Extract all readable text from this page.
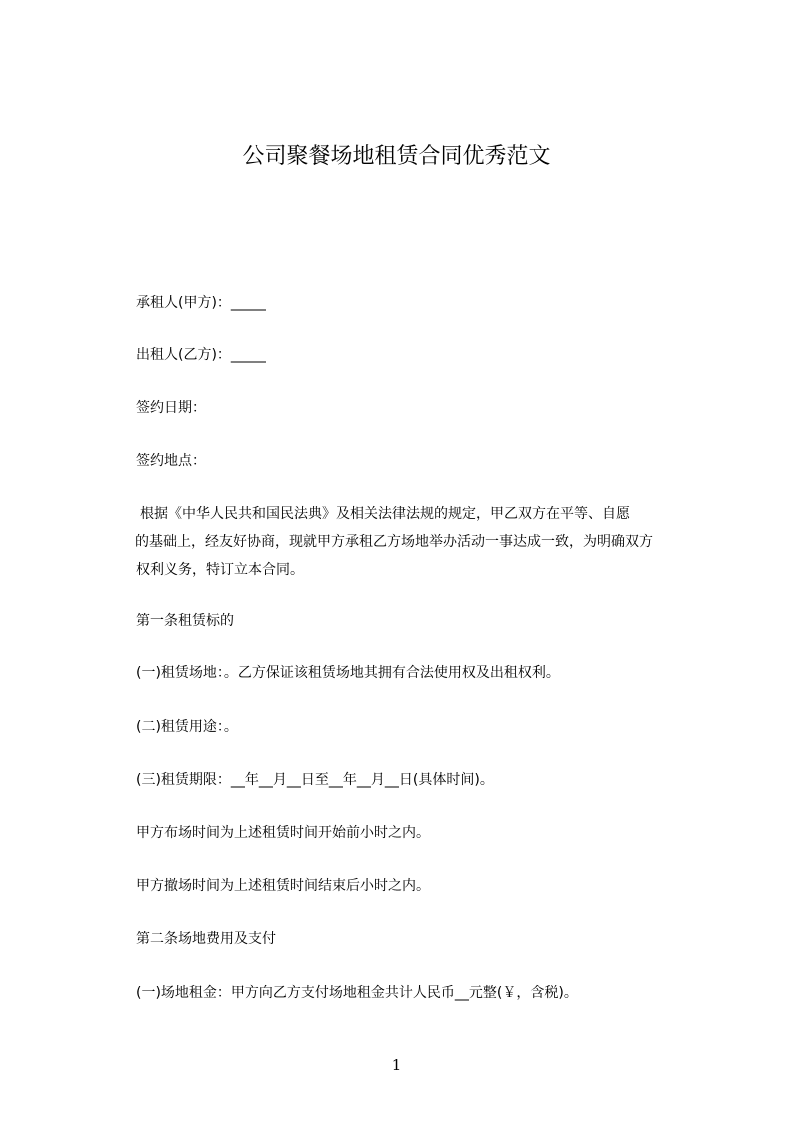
公司聚餐场地租赁合同优秀范文
承租人(甲方)：_____
出租人(乙方)：_____
签约日期：
签约地点：
根据《中华人民共和国民法典》及相关法律法规的规定，甲乙双方在平等、自愿
的基础上，经友好协商，现就甲方承租乙方场地举办活动一事达成一致，为明确双方
权利义务，特订立本合同。
第一条租赁标的
(一)租赁场地：。乙方保证该租赁场地其拥有合法使用权及出租权利。
(二)租赁用途：。
(三)租赁期限：__年__月__日至__年__月__日(具体时间)。
甲方布场时间为上述租赁时间开始前小时之内。
甲方撤场时间为上述租赁时间结束后小时之内。
第二条场地费用及支付
(一)场地租金：甲方向乙方支付场地租金共计人民币__元整(￥，含税)。
1
